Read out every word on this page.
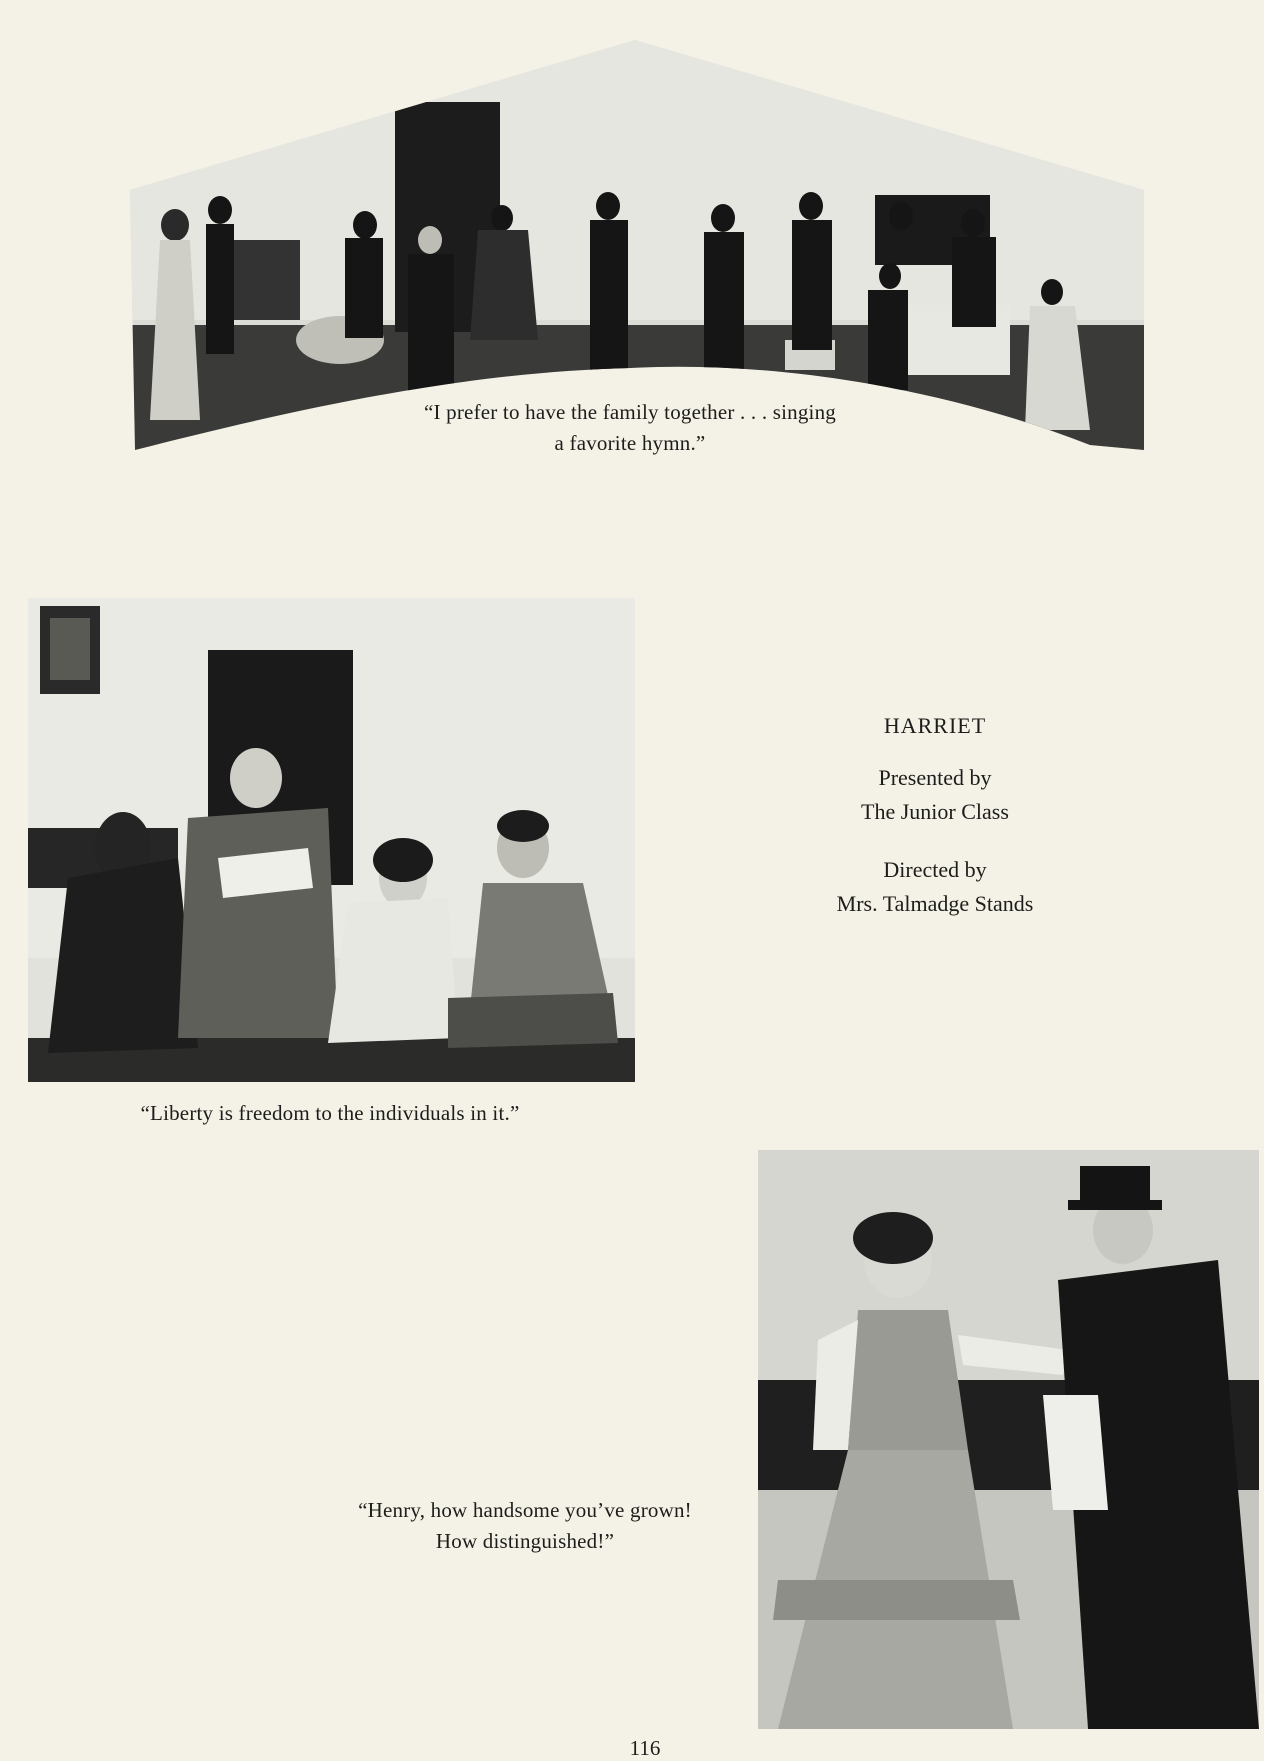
“I prefer to have the family together . . . singing
a favorite hymn.”
“Liberty is freedom to the individuals in it.”
HARRIET
Presented by
The Junior Class
Directed by
Mrs. Talmadge Stands
“Henry, how handsome you’ve grown!
How distinguished!”
116
